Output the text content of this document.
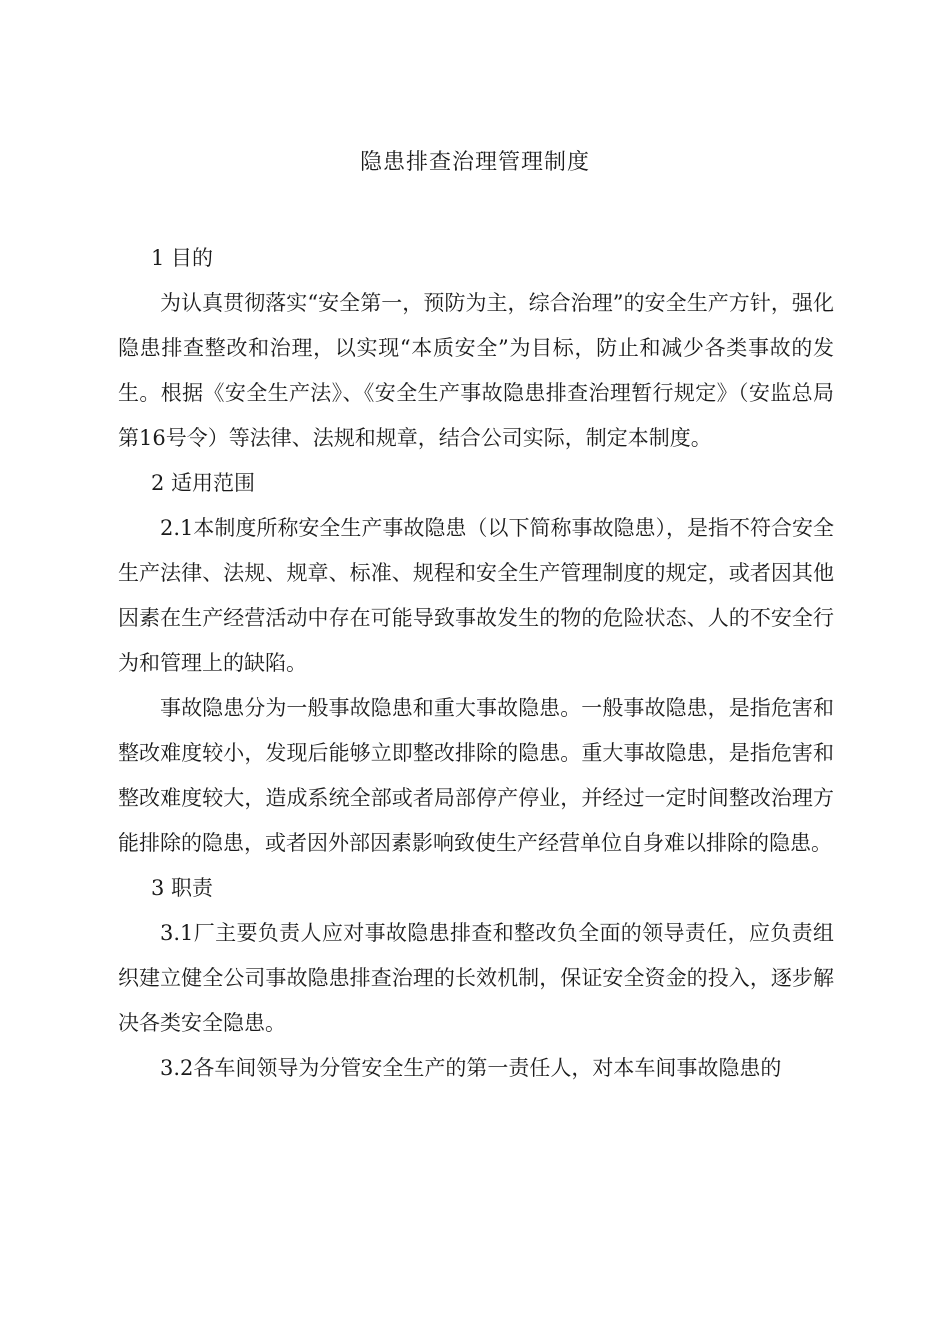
隐患排查治理管理制度

1 目的

为认真贯彻落实“安全第一，预防为主，综合治理”的安全生产方针，强化隐患排查整改和治理，以实现“本质安全”为目标，防止和减少各类事故的发生。根据《安全生产法》、《安全生产事故隐患排查治理暂行规定》（安监总局第16号令）等法律、法规和规章，结合公司实际，制定本制度。

2 适用范围

2.1本制度所称安全生产事故隐患（以下简称事故隐患），是指不符合安全生产法律、法规、规章、标准、规程和安全生产管理制度的规定，或者因其他因素在生产经营活动中存在可能导致事故发生的物的危险状态、人的不安全行为和管理上的缺陷。

事故隐患分为一般事故隐患和重大事故隐患。一般事故隐患，是指危害和整改难度较小，发现后能够立即整改排除的隐患。重大事故隐患，是指危害和整改难度较大，造成系统全部或者局部停产停业，并经过一定时间整改治理方能排除的隐患，或者因外部因素影响致使生产经营单位自身难以排除的隐患。

3 职责

3.1厂主要负责人应对事故隐患排查和整改负全面的领导责任，应负责组织建立健全公司事故隐患排查治理的长效机制，保证安全资金的投入，逐步解决各类安全隐患。

3.2各车间领导为分管安全生产的第一责任人，对本车间事故隐患的
